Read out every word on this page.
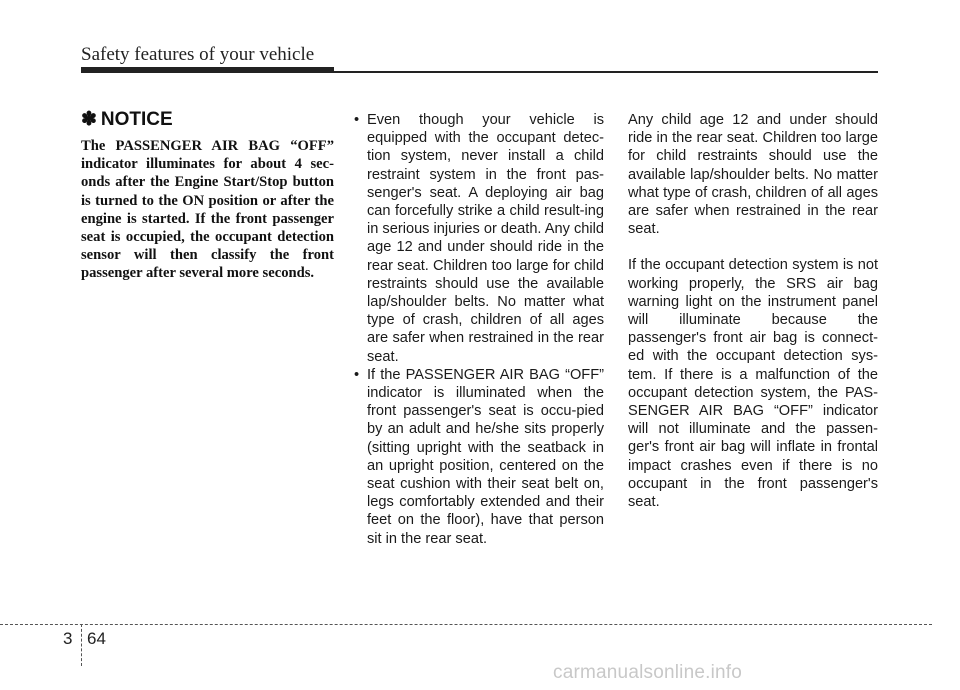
Safety features of your vehicle
✽ NOTICE

The PASSENGER AIR BAG “OFF” indicator illuminates for about 4 sec-onds after the Engine Start/Stop button is turned to the ON position or after the engine is started. If the front passenger seat is occupied, the occupant detection sensor will then classify the front passenger after several more seconds.

• Even though your vehicle is equipped with the occupant detec-tion system, never install a child restraint system in the front pas-senger's seat. A deploying air bag can forcefully strike a child result-ing in serious injuries or death. Any child age 12 and under should ride in the rear seat. Children too large for child restraints should use the available lap/shoulder belts. No matter what type of crash, children of all ages are safer when restrained in the rear seat.
• If the PASSENGER AIR BAG “OFF” indicator is illuminated when the front passenger's seat is occu-pied by an adult and he/she sits properly (sitting upright with the seatback in an upright position, centered on the seat cushion with their seat belt on, legs comfortably extended and their feet on the floor), have that person sit in the rear seat.

Any child age 12 and under should ride in the rear seat. Children too large for child restraints should use the available lap/shoulder belts. No matter what type of crash, children of all ages are safer when restrained in the rear seat.

If the occupant detection system is not working properly, the SRS air bag warning light on the instrument panel will illuminate because the passenger's front air bag is connect-ed with the occupant detection sys-tem. If there is a malfunction of the occupant detection system, the PAS-SENGER AIR BAG “OFF” indicator will not illuminate and the passen-ger's front air bag will inflate in frontal impact crashes even if there is no occupant in the front passenger's seat.

3 64
carmanualsonline.info
